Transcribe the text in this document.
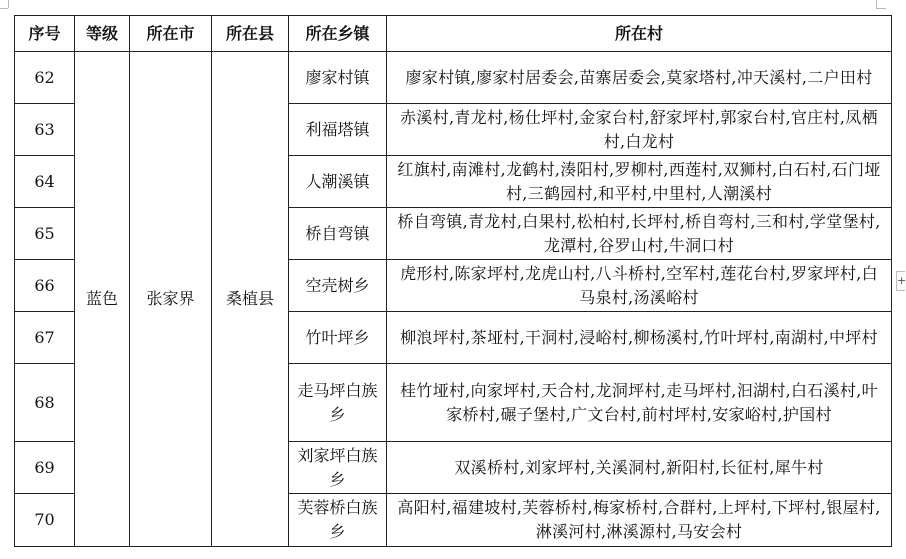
+
序号	等级	所在市	所在县	所在乡镇	所在村
62	蓝色	张家界	桑植县	廖家村镇	廖家村镇,廖家村居委会,苗寨居委会,莫家塔村,冲天溪村,二户田村
63				利福塔镇	赤溪村,青龙村,杨仕坪村,金家台村,舒家坪村,郭家台村,官庄村,凤栖村,白龙村
64				人潮溪镇	红旗村,南滩村,龙鹤村,湊阳村,罗柳村,西莲村,双狮村,白石村,石门垭村,三鹤园村,和平村,中里村,人潮溪村
65				桥自弯镇	桥自弯镇,青龙村,白果村,松柏村,长坪村,桥自弯村,三和村,学堂堡村,龙潭村,谷罗山村,牛洞口村
66				空壳树乡	虎形村,陈家坪村,龙虎山村,八斗桥村,空军村,莲花台村,罗家坪村,白马泉村,汤溪峪村
67				竹叶坪乡	柳浪坪村,茶垭村,干洞村,浸峪村,柳杨溪村,竹叶坪村,南湖村,中坪村
68				走马坪白族乡	桂竹垭村,向家坪村,天合村,龙洞坪村,走马坪村,汩湖村,白石溪村,叶家桥村,碾子堡村,广文台村,前村坪村,安家峪村,护国村
69				刘家坪白族乡	双溪桥村,刘家坪村,关溪洞村,新阳村,长征村,犀牛村
70				芙蓉桥白族乡	高阳村,福建坡村,芙蓉桥村,梅家桥村,合群村,上坪村,下坪村,银屋村,淋溪河村,淋溪源村,马安会村
